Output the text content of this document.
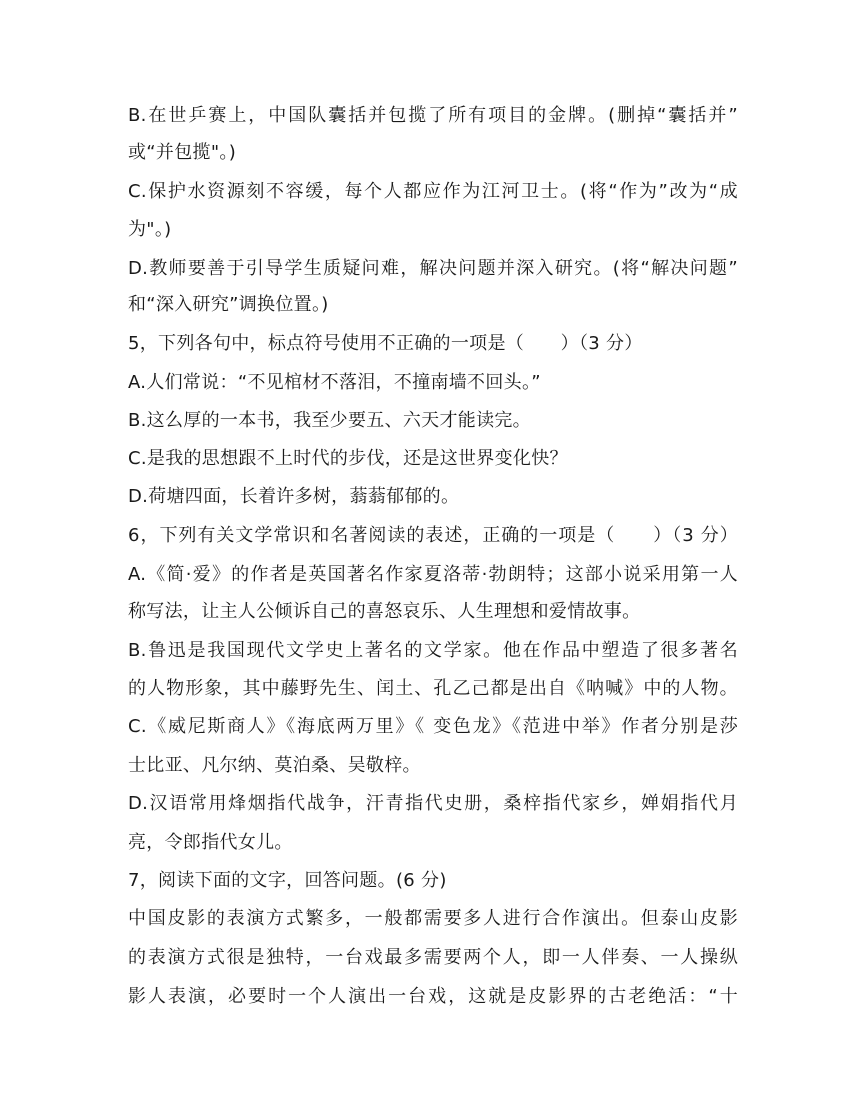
B.在世乒赛上，中国队囊括并包揽了所有项目的金牌。(删掉“囊括并”
或“并包揽"。)
C.保护水资源刻不容缓，每个人都应作为江河卫士。(将“作为”改为“成
为"。)
D.教师要善于引导学生质疑问难，解决问题并深入研究。(将“解决问题”
和“深入研究”调换位置。)
5，下列各句中，标点符号使用不正确的一项是（　　）（3 分）
A.人们常说：“不见棺材不落泪，不撞南墙不回头。”
B.这么厚的一本书，我至少要五、六天才能读完。
C.是我的思想跟不上时代的步伐，还是这世界变化快？
D.荷塘四面，长着许多树，蓊蓊郁郁的。
6，下列有关文学常识和名著阅读的表述，正确的一项是（　　）（3 分）
A.《简·爱》的作者是英国著名作家夏洛蒂·勃朗特；这部小说采用第一人
称写法，让主人公倾诉自己的喜怒哀乐、人生理想和爱情故事。
B.鲁迅是我国现代文学史上著名的文学家。他在作品中塑造了很多著名
的人物形象，其中藤野先生、闰土、孔乙己都是出自《呐喊》中的人物。
C.《威尼斯商人》《海底两万里》《 变色龙》《范进中举》作者分别是莎
士比亚、凡尔纳、莫泊桑、吴敬梓。
D.汉语常用烽烟指代战争，汗青指代史册，桑梓指代家乡，婵娟指代月
亮，令郎指代女儿。
7，阅读下面的文字，回答问题。(6 分)
中国皮影的表演方式繁多，一般都需要多人进行合作演出。但泰山皮影
的表演方式很是独特，一台戏最多需要两个人，即一人伴奏、一人操纵
影人表演，必要时一个人演出一台戏，这就是皮影界的古老绝活：“十
